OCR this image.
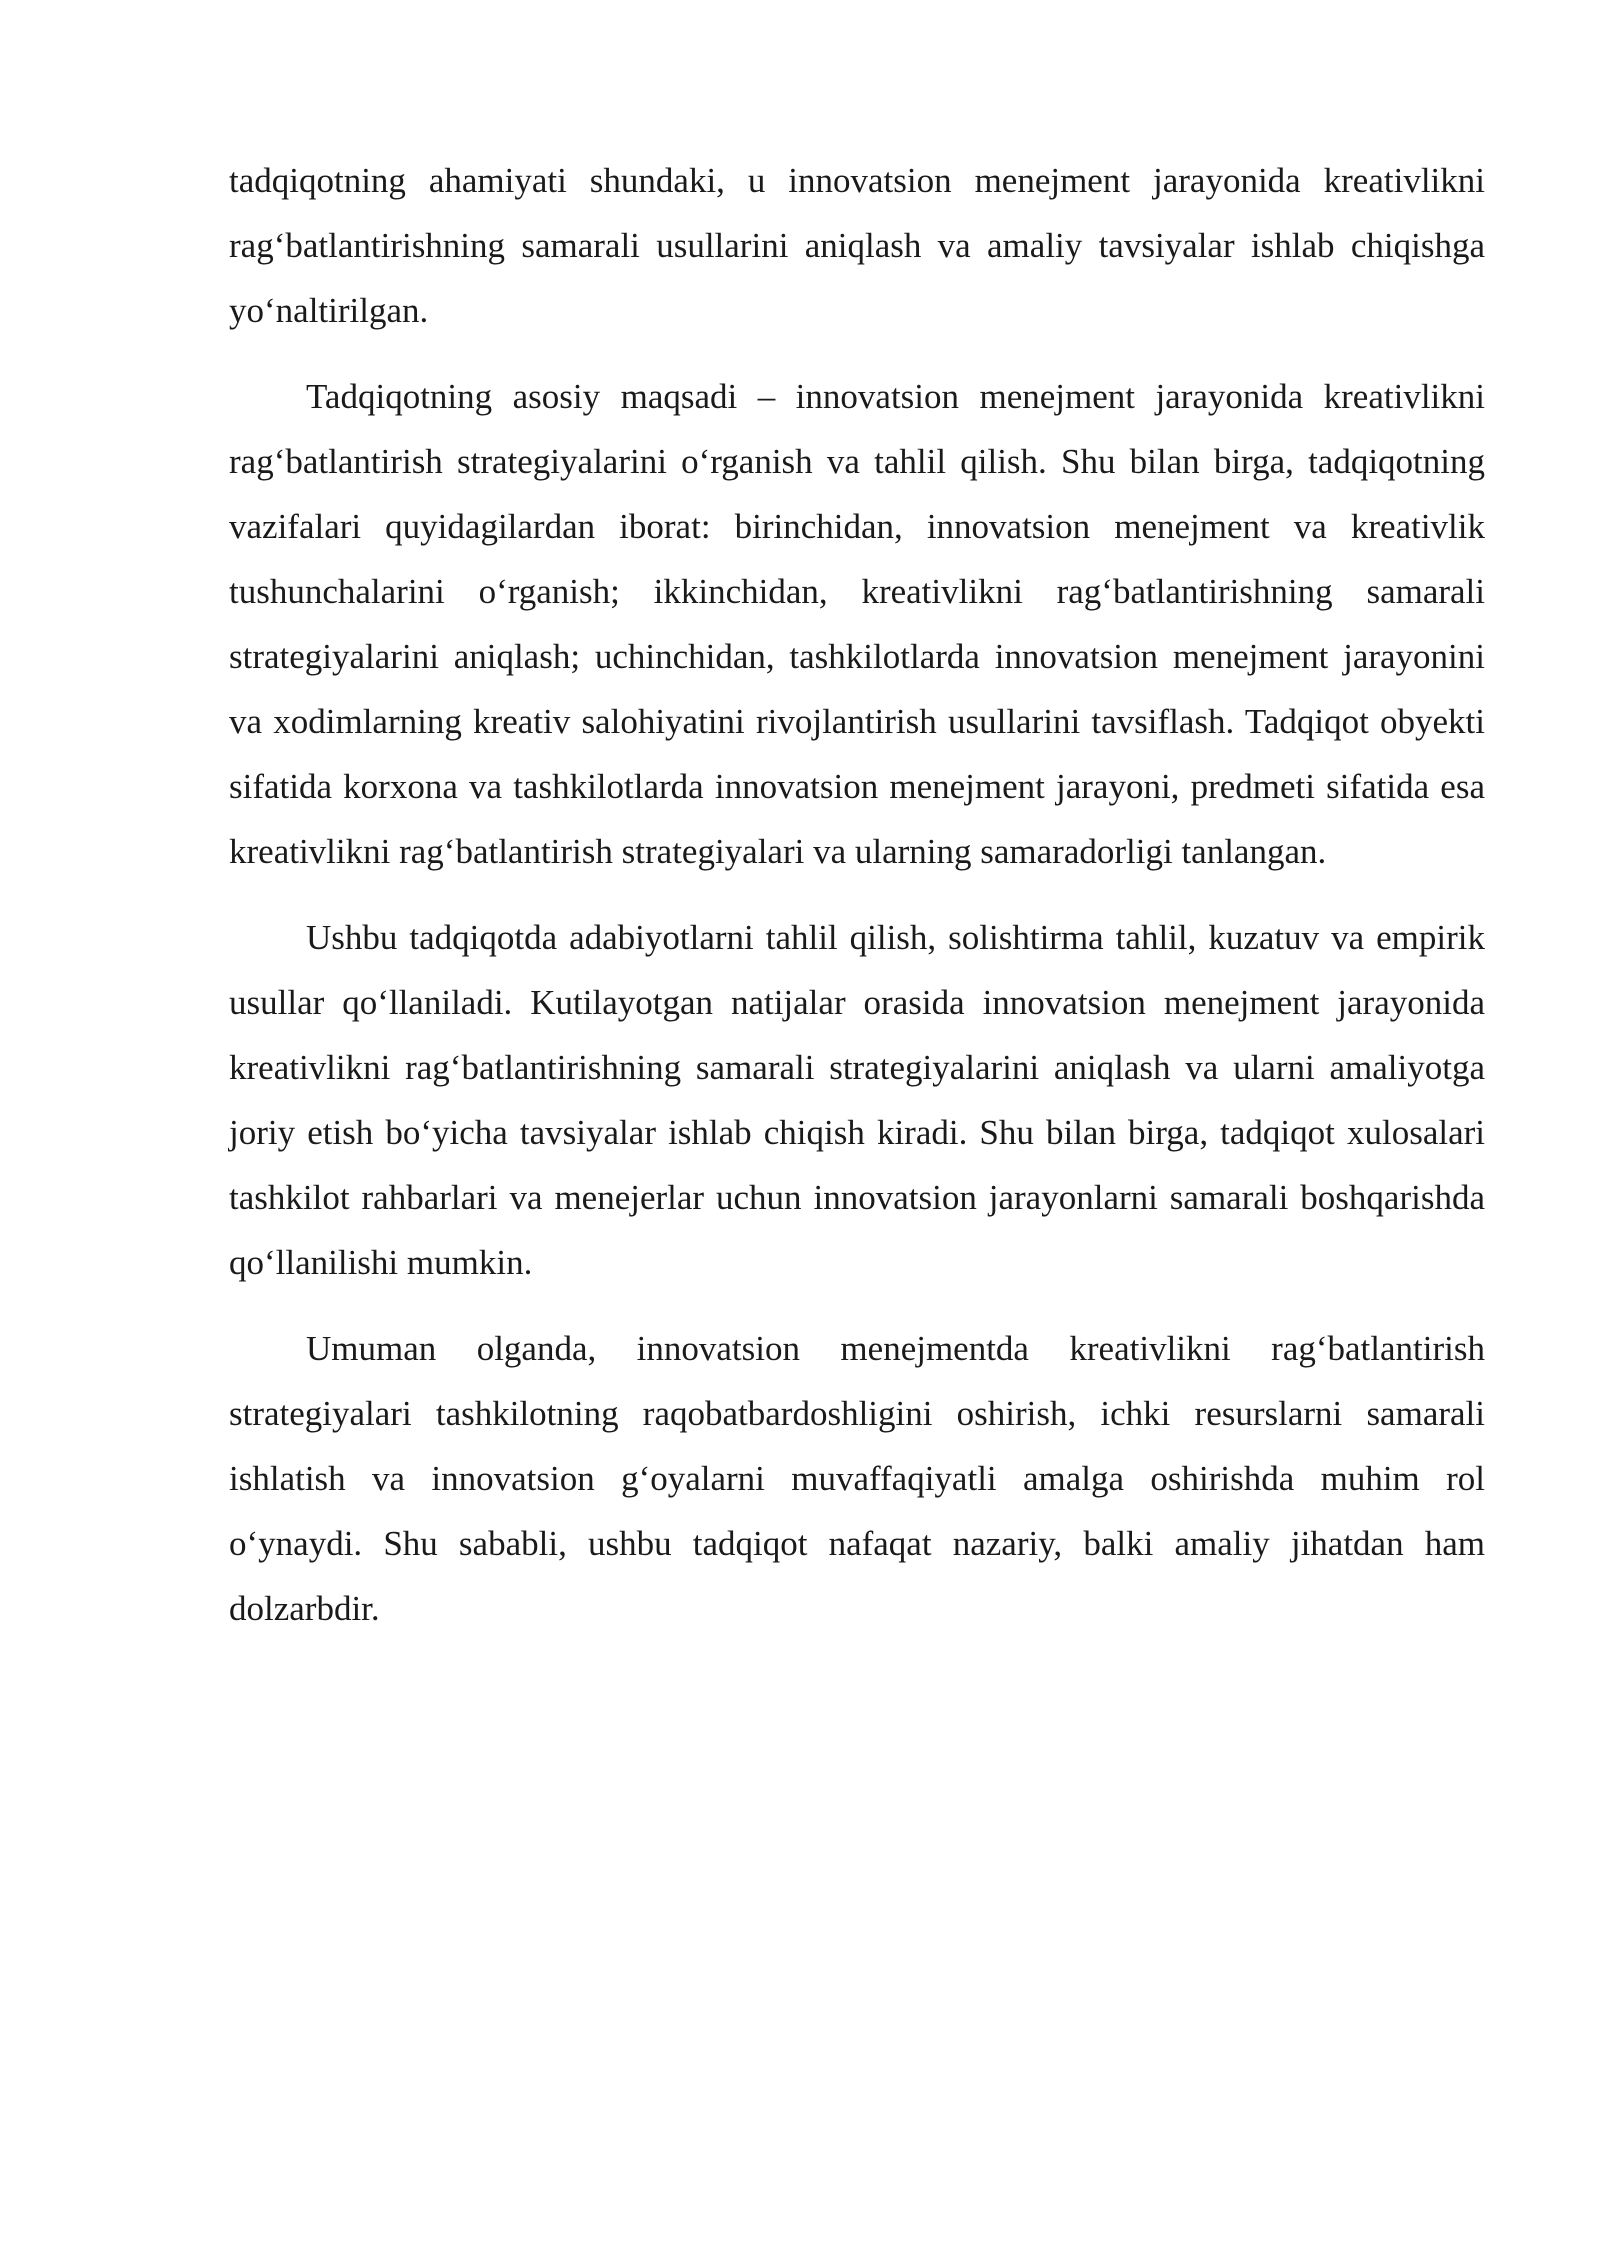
tadqiqotning ahamiyati shundaki, u innovatsion menejment jarayonida kreativlikni rag‘batlantirishning samarali usullarini aniqlash va amaliy tavsiyalar ishlab chiqishga yo‘naltirilgan.

Tadqiqotning asosiy maqsadi – innovatsion menejment jarayonida kreativlikni rag‘batlantirish strategiyalarini o‘rganish va tahlil qilish. Shu bilan birga, tadqiqotning vazifalari quyidagilardan iborat: birinchidan, innovatsion menejment va kreativlik tushunchalarini o‘rganish; ikkinchidan, kreativlikni rag‘batlantirishning samarali strategiyalarini aniqlash; uchinchidan, tashkilotlarda innovatsion menejment jarayonini va xodimlarning kreativ salohiyatini rivojlantirish usullarini tavsiflash. Tadqiqot obyekti sifatida korxona va tashkilotlarda innovatsion menejment jarayoni, predmeti sifatida esa kreativlikni rag‘batlantirish strategiyalari va ularning samaradorligi tanlangan.

Ushbu tadqiqotda adabiyotlarni tahlil qilish, solishtirma tahlil, kuzatuv va empirik usullar qo‘llaniladi. Kutilayotgan natijalar orasida innovatsion menejment jarayonida kreativlikni rag‘batlantirishning samarali strategiyalarini aniqlash va ularni amaliyotga joriy etish bo‘yicha tavsiyalar ishlab chiqish kiradi. Shu bilan birga, tadqiqot xulosalari tashkilot rahbarlari va menejerlar uchun innovatsion jarayonlarni samarali boshqarishda qo‘llanilishi mumkin.

Umuman olganda, innovatsion menejmentda kreativlikni rag‘batlantirish strategiyalari tashkilotning raqobatbardoshligini oshirish, ichki resurslarni samarali ishlatish va innovatsion g‘oyalarni muvaffaqiyatli amalga oshirishda muhim rol o‘ynaydi. Shu sababli, ushbu tadqiqot nafaqat nazariy, balki amaliy jihatdan ham dolzarbdir.
